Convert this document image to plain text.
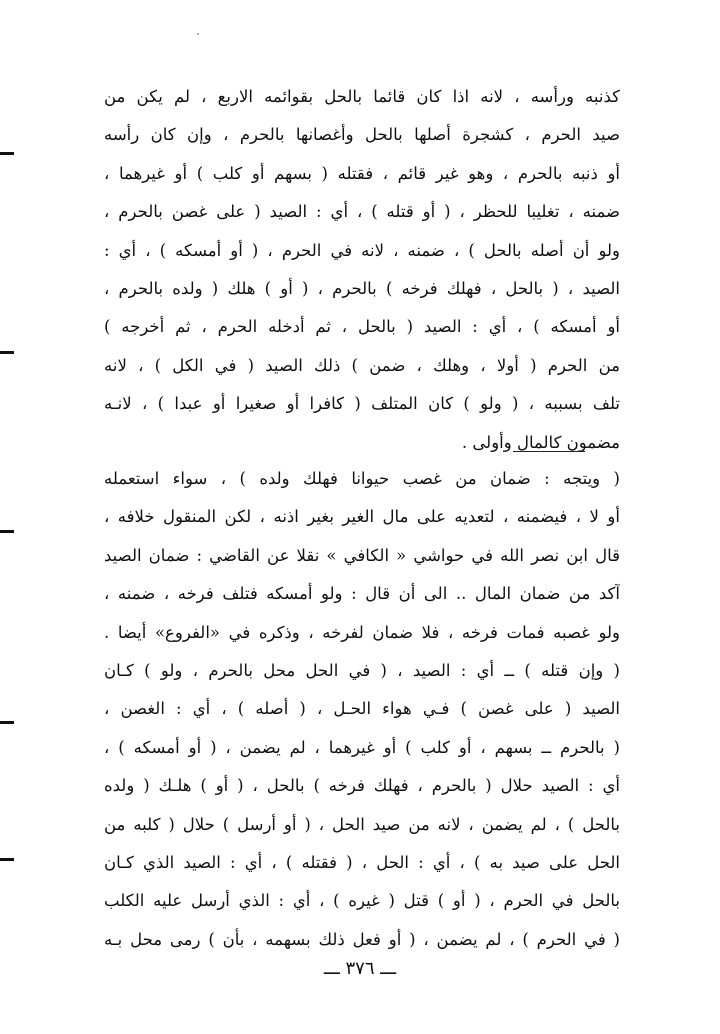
كذنبه ورأسه ، لانه اذا كان قائما بالحل بقوائمه الاربع ، لم يكن من
صيد الحرم ، كشجرة أصلها بالحل وأغصانها بالحرم ، وإن كان رأسه
أو ذنبه بالحرم ، وهو غير قائم ، فقتله ( بسهم أو كلب ) أو غيرهما ،
ضمنه ، تغليبا للحظر ، ( أو قتله ) ، أي : الصيد ( على غصن بالحرم ،
ولو أن أصله بالحل ) ، ضمنه ، لانه في الحرم ، ( أو أمسكه ) ، أي :
الصيد ، ( بالحل ، فهلك فرخه ) بالحرم ، ( أو ) هلك ( ولده بالحرم ،
أو أمسكه ) ، أي : الصيد ( بالحل ، ثم أدخله الحرم ، ثم أخرجه )
من الحرم ( أولا ، وهلك ، ضمن ) ذلك الصيد ( في الكل ) ، لانه
تلف بسببه ، ( ولو ) كان المتلف ( كافرا أو صغيرا أو عبدا ) ، لانـه
مضمون كالمال وأولى .
( ويتجه : ضمان من غصب حيوانا فهلك ولده ) ، سواء استعمله
أو لا ، فيضمنه ، لتعديه على مال الغير بغير اذنه ، لكن المنقول خلافه ،
قال ابن نصر الله في حواشي « الكافي » نقلا عن القاضي : ضمان الصيد
آكد من ضمان المال .. الى أن قال : ولو أمسكه فتلف فرخه ، ضمنه ،
ولو غصبه فمات فرخه ، فلا ضمان لفرخه ، وذكره في «الفروع» أيضا .
( وإن قتله ) ــ أي : الصيد ، ( في الحل محل بالحرم ، ولو ) كـان
الصيد ( على غصن ) فـي هواء الحـل ، ( أصله ) ، أي : الغصن ،
( بالحرم ــ بسهم ، أو كلب ) أو غيرهما ، لم يضمن ، ( أو أمسكه ) ،
أي : الصيد حلال ( بالحرم ، فهلك فرخه ) بالحل ، ( أو ) هلـك ( ولده
بالحل ) ، لم يضمن ، لانه من صيد الحل ، ( أو أرسل ) حلال ( كلبه من
الحل على صيد به ) ، أي : الحل ، ( فقتله ) ، أي : الصيد الذي كـان
بالحل في الحرم ، ( أو ) قتل ( غيره ) ، أي : الذي أرسل عليه الكلب
( في الحرم ) ، لم يضمن ، ( أو فعل ذلك بسهمه ، بأن ) رمى محل بـه
ـــ ٣٧٦ ـــ
